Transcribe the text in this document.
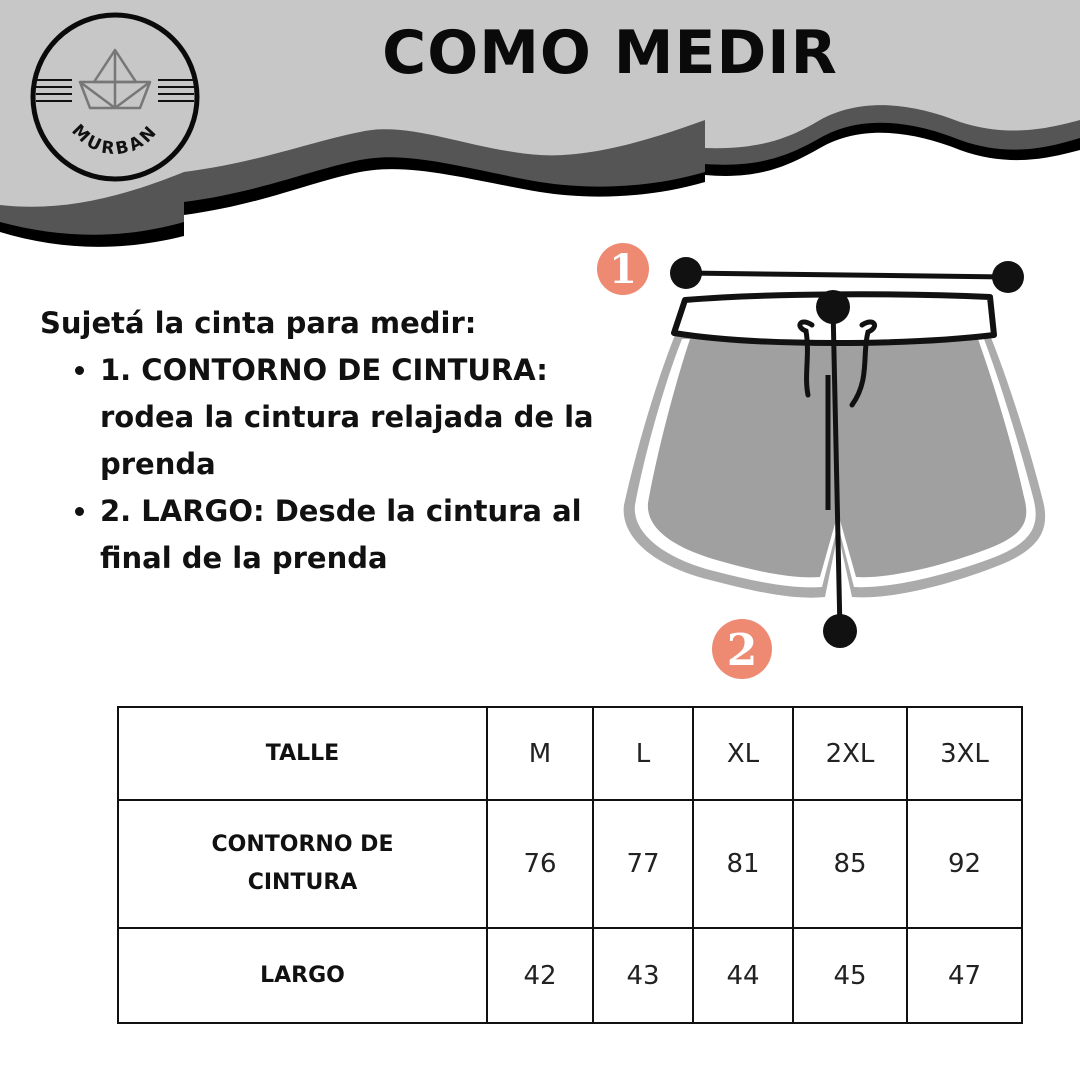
MURBAN
COMO MEDIR

Sujetá la cinta para medir:

• 1. CONTORNO DE CINTURA: rodea la cintura relajada de la prenda
• 2. LARGO: Desde la cintura al final de la prenda
1
2
TALLE	M	L	XL	2XL	3XL

CONTORNO DE CINTURA	76	77	81	85	92
LARGO	42	43	44	45	47
